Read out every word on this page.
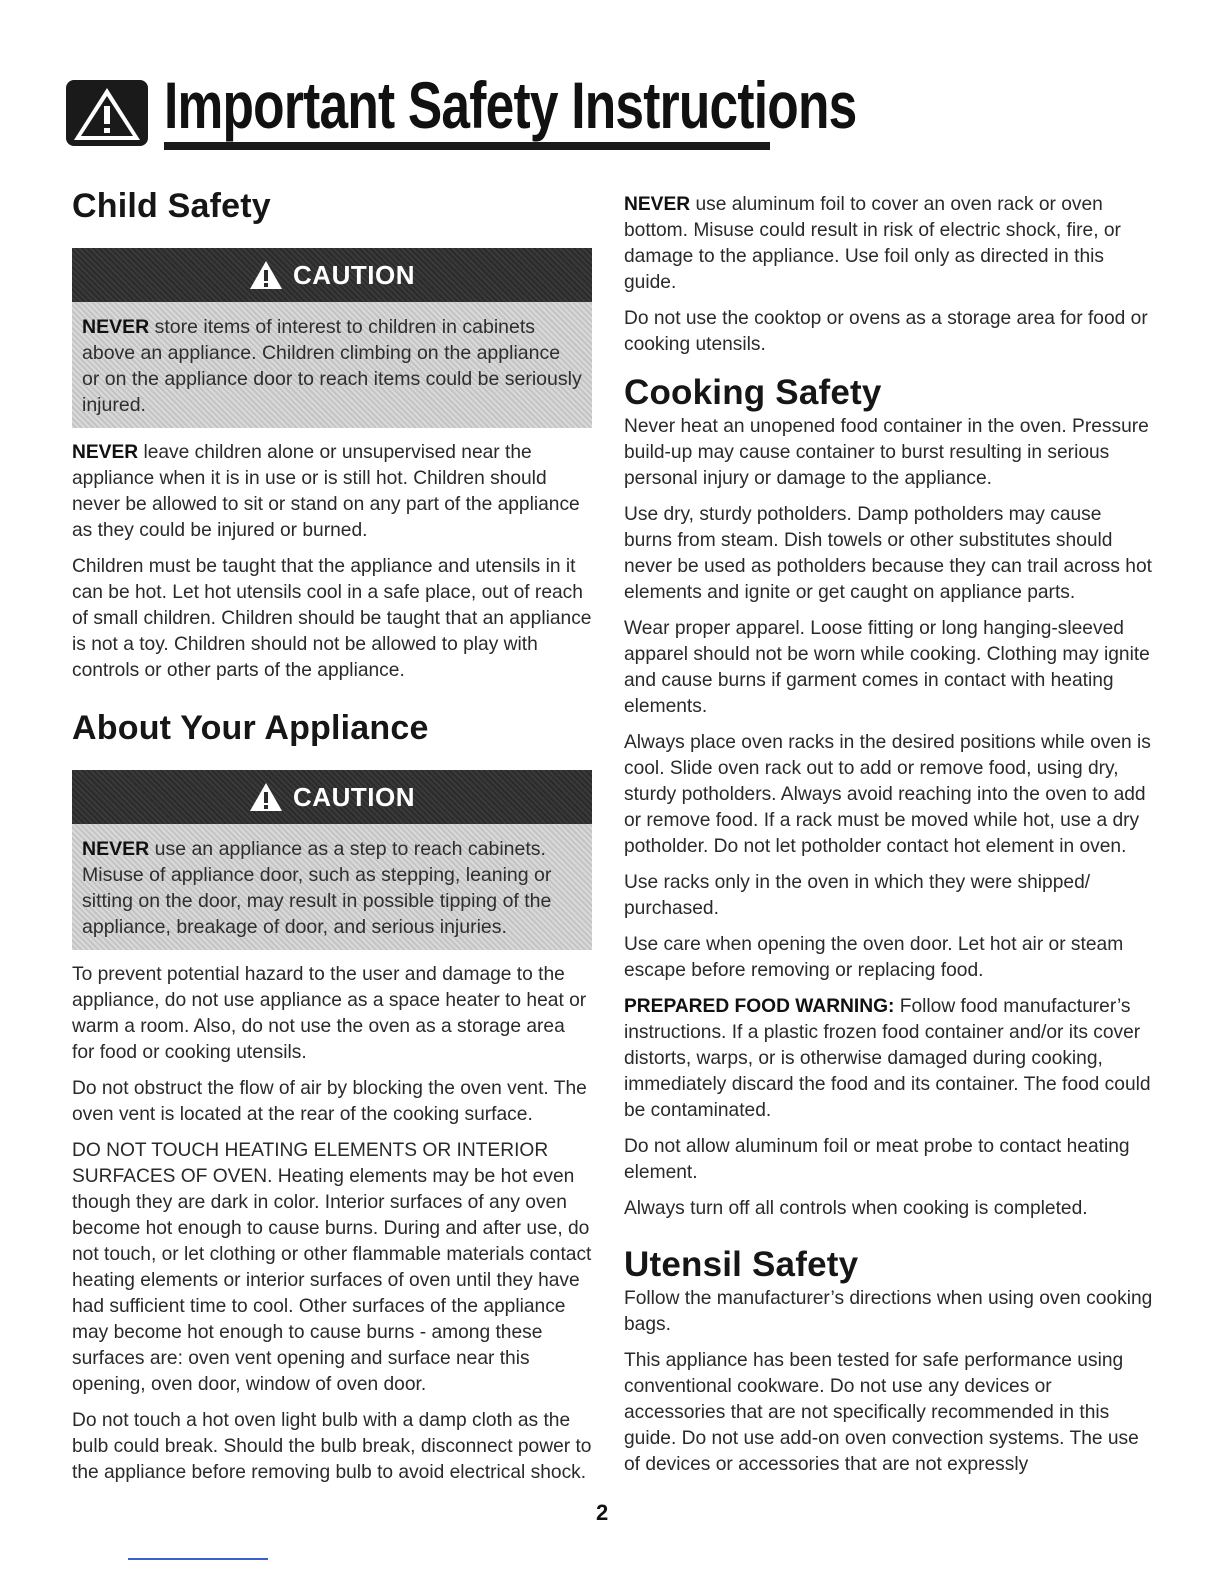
Important Safety Instructions
Child Safety
CAUTION

NEVER store items of interest to children in cabinets above an appliance. Children climbing on the appliance or on the appliance door to reach items could be seriously injured.

NEVER leave children alone or unsupervised near the appliance when it is in use or is still hot. Children should never be allowed to sit or stand on any part of the appliance as they could be injured or burned.

Children must be taught that the appliance and utensils in it can be hot. Let hot utensils cool in a safe place, out of reach of small children. Children should be taught that an appliance is not a toy. Children should not be allowed to play with controls or other parts of the appliance.

About Your Appliance
CAUTION

NEVER use an appliance as a step to reach cabinets. Misuse of appliance door, such as stepping, leaning or sitting on the door, may result in possible tipping of the appliance, breakage of door, and serious injuries.

To prevent potential hazard to the user and damage to the appliance, do not use appliance as a space heater to heat or warm a room. Also, do not use the oven as a storage area for food or cooking utensils.

Do not obstruct the flow of air by blocking the oven vent. The oven vent is located at the rear of the cooking surface.

DO NOT TOUCH HEATING ELEMENTS OR INTERIOR SURFACES OF OVEN. Heating elements may be hot even though they are dark in color. Interior surfaces of any oven become hot enough to cause burns. During and after use, do not touch, or let clothing or other flammable materials contact heating elements or interior surfaces of oven until they have had sufficient time to cool. Other surfaces of the appliance may become hot enough to cause burns - among these surfaces are: oven vent opening and surface near this opening, oven door, window of oven door.

Do not touch a hot oven light bulb with a damp cloth as the bulb could break. Should the bulb break, disconnect power to the appliance before removing bulb to avoid electrical shock.

NEVER use aluminum foil to cover an oven rack or oven bottom. Misuse could result in risk of electric shock, fire, or damage to the appliance. Use foil only as directed in this guide.

Do not use the cooktop or ovens as a storage area for food or cooking utensils.

Cooking Safety

Never heat an unopened food container in the oven. Pressure build-up may cause container to burst resulting in serious personal injury or damage to the appliance.

Use dry, sturdy potholders. Damp potholders may cause burns from steam. Dish towels or other substitutes should never be used as potholders because they can trail across hot elements and ignite or get caught on appliance parts.

Wear proper apparel. Loose fitting or long hanging-sleeved apparel should not be worn while cooking. Clothing may ignite and cause burns if garment comes in contact with heating elements.

Always place oven racks in the desired positions while oven is cool. Slide oven rack out to add or remove food, using dry, sturdy potholders. Always avoid reaching into the oven to add or remove food. If a rack must be moved while hot, use a dry potholder. Do not let potholder contact hot element in oven.

Use racks only in the oven in which they were shipped/ purchased.

Use care when opening the oven door. Let hot air or steam escape before removing or replacing food.

PREPARED FOOD WARNING: Follow food manufacturer’s instructions. If a plastic frozen food container and/or its cover distorts, warps, or is otherwise damaged during cooking, immediately discard the food and its container. The food could be contaminated.

Do not allow aluminum foil or meat probe to contact heating element.

Always turn off all controls when cooking is completed.

Utensil Safety

Follow the manufacturer’s directions when using oven cooking bags.

This appliance has been tested for safe performance using conventional cookware. Do not use any devices or accessories that are not specifically recommended in this guide. Do not use add-on oven convection systems. The use of devices or accessories that are not expressly

2
